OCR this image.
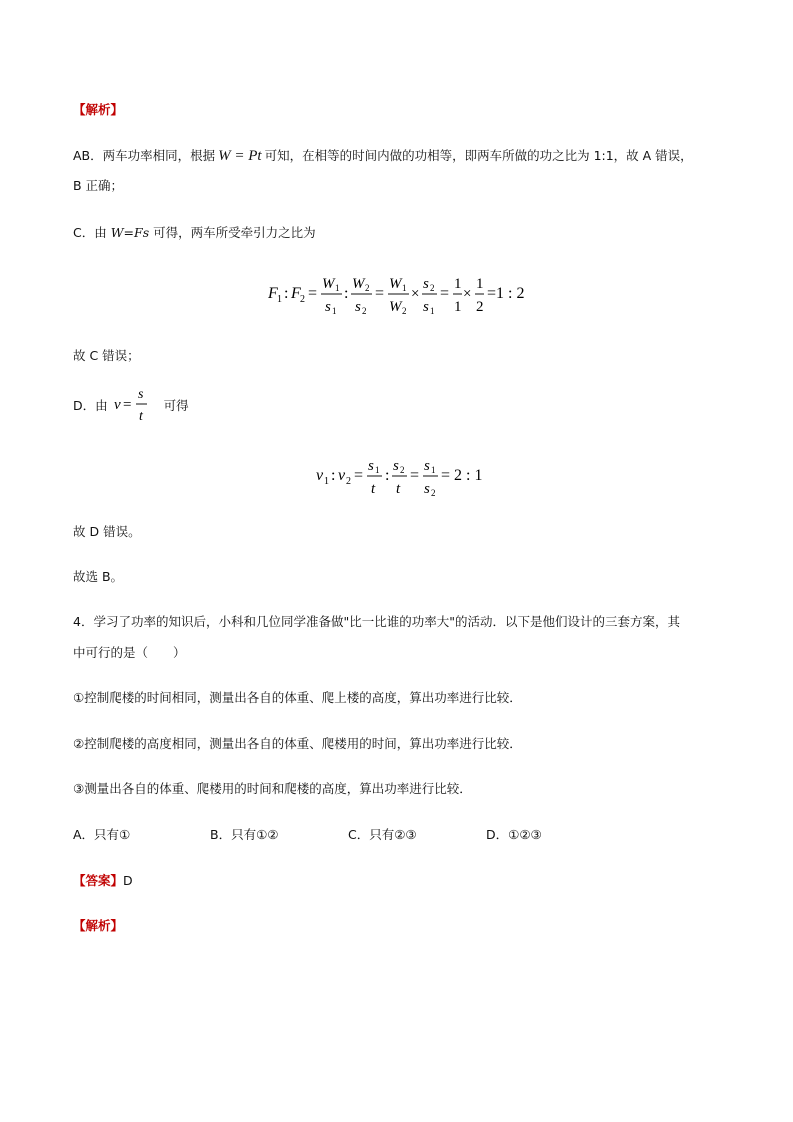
【解析】
AB．两车功率相同，根据 W = Pt 可知，在相等的时间内做的功相等，即两车所做的功之比为 1:1，故 A 错误，
B 正确；
C．由 W=Fs 可得，两车所受牵引力之比为
F 1 : F 2 =
W 1
s 1
:
W 2
s 2
=
W 1
W 2
×
s 2
s 1
=
1
1
×
1
2
=1 : 2
故 C 错误；
D．由 v =
s
t
可得
v 1 : v 2 =
s 1
t
:
s 2
t
=
s 1
s 2
= 2 : 1
故 D 错误。
故选 B。
4．学习了功率的知识后，小科和几位同学准备做"比一比谁的功率大"的活动．以下是他们设计的三套方案，其
中可行的是（　　）
①控制爬楼的时间相同，测量出各自的体重、爬上楼的高度，算出功率进行比较．
②控制爬楼的高度相同，测量出各自的体重、爬楼用的时间，算出功率进行比较．
③测量出各自的体重、爬楼用的时间和爬楼的高度，算出功率进行比较．
A．只有①	B．只有①②	C．只有②③	D．①②③
【答案】D
【解析】
